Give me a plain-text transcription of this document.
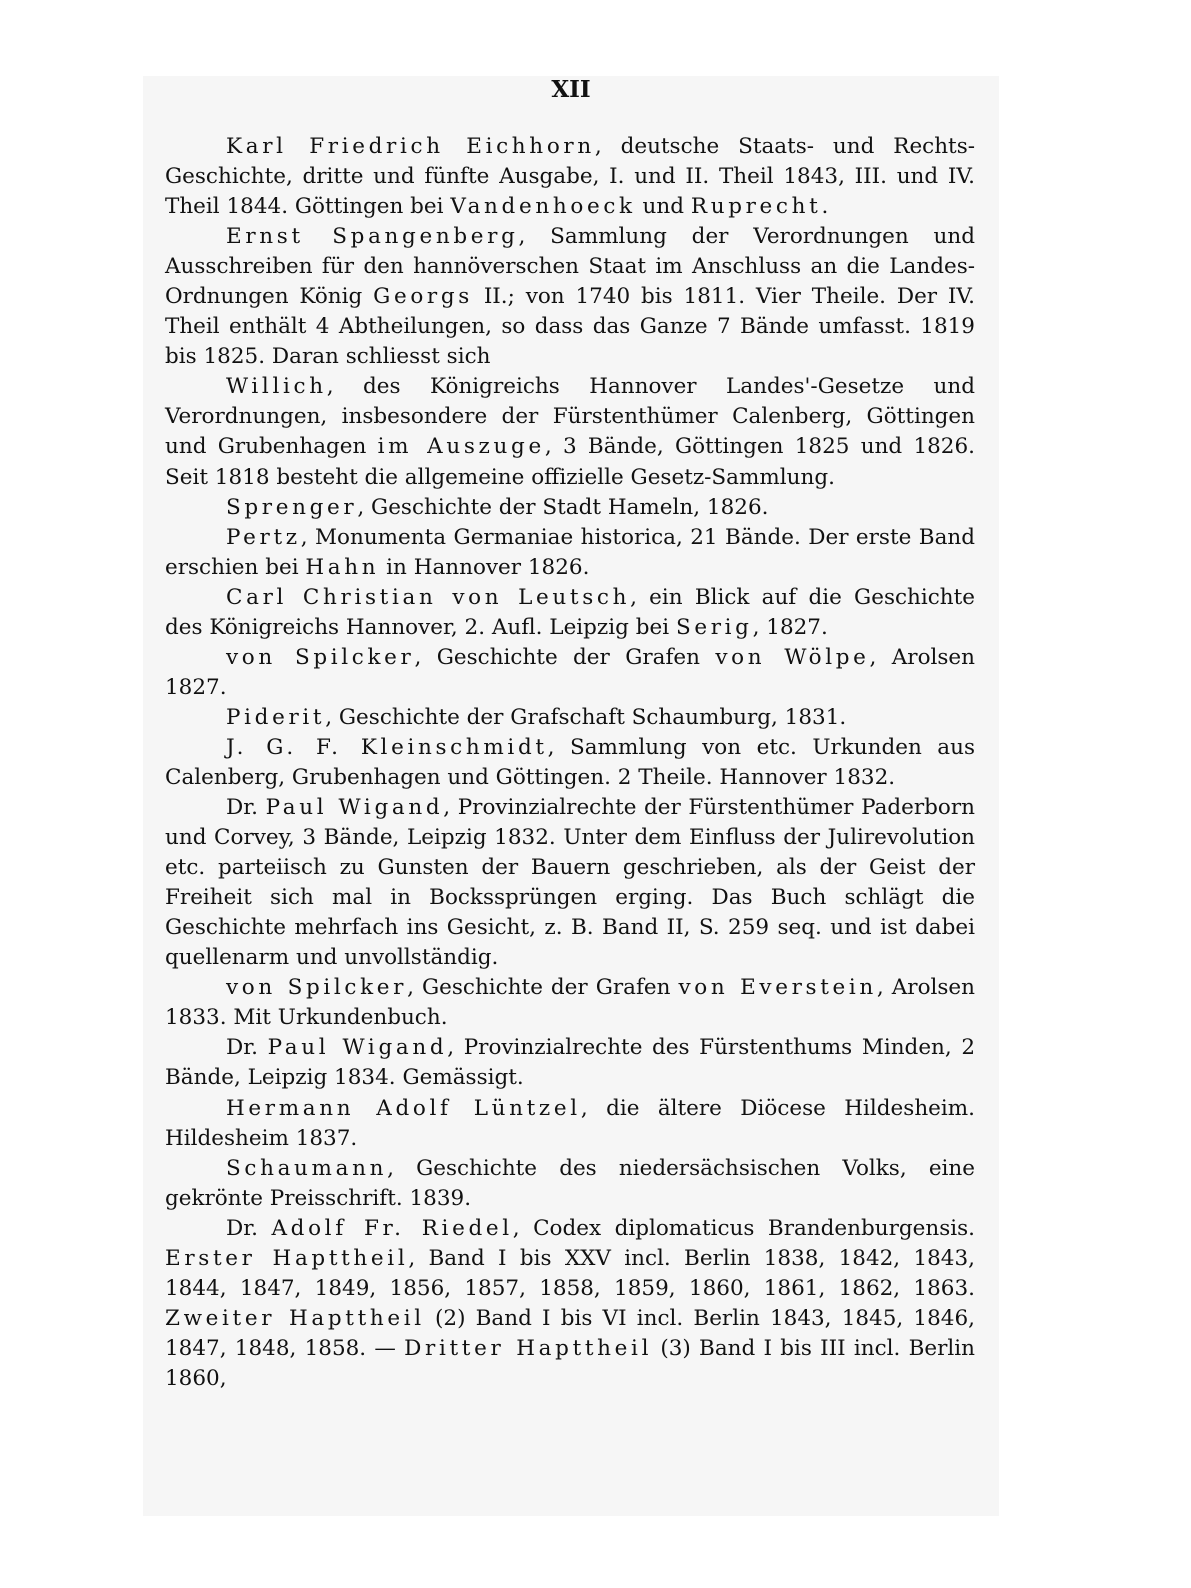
XII

Karl Friedrich Eichhorn, deutsche Staats- und Rechts-Geschichte, dritte und fünfte Ausgabe, I. und II. Theil 1843, III. und IV. Theil 1844. Göttingen bei Vandenhoeck und Ruprecht.

Ernst Spangenberg, Sammlung der Verordnungen und Ausschreiben für den hannöverschen Staat im Anschluss an die Landes-Ordnungen König Georgs II.; von 1740 bis 1811. Vier Theile. Der IV. Theil enthält 4 Abtheilungen, so dass das Ganze 7 Bände umfasst. 1819 bis 1825. Daran schliesst sich

Willich, des Königreichs Hannover Landes'-Gesetze und Verordnungen, insbesondere der Fürstenthümer Calenberg, Göttingen und Grubenhagen im Auszuge, 3 Bände, Göttingen 1825 und 1826. Seit 1818 besteht die allgemeine offizielle Gesetz-Sammlung.

Sprenger, Geschichte der Stadt Hameln, 1826.

Pertz, Monumenta Germaniae historica, 21 Bände. Der erste Band erschien bei Hahn in Hannover 1826.

Carl Christian von Leutsch, ein Blick auf die Geschichte des Königreichs Hannover, 2. Aufl. Leipzig bei Serig, 1827.

von Spilcker, Geschichte der Grafen von Wölpe, Arolsen 1827.

Piderit, Geschichte der Grafschaft Schaumburg, 1831.

J. G. F. Kleinschmidt, Sammlung von etc. Urkunden aus Calenberg, Grubenhagen und Göttingen. 2 Theile. Hannover 1832.

Dr. Paul Wigand, Provinzialrechte der Fürstenthümer Paderborn und Corvey, 3 Bände, Leipzig 1832. Unter dem Einfluss der Julirevolution etc. parteiisch zu Gunsten der Bauern geschrieben, als der Geist der Freiheit sich mal in Bockssprüngen erging. Das Buch schlägt die Geschichte mehrfach ins Gesicht, z. B. Band II, S. 259 seq. und ist dabei quellenarm und unvollständig.

von Spilcker, Geschichte der Grafen von Everstein, Arolsen 1833. Mit Urkundenbuch.

Dr. Paul Wigand, Provinzialrechte des Fürstenthums Minden, 2 Bände, Leipzig 1834. Gemässigt.

Hermann Adolf Lüntzel, die ältere Diöcese Hildesheim. Hildesheim 1837.

Schaumann, Geschichte des niedersächsischen Volks, eine gekrönte Preisschrift. 1839.

Dr. Adolf Fr. Riedel, Codex diplomaticus Brandenburgensis. Erster Hapttheil, Band I bis XXV incl. Berlin 1838, 1842, 1843, 1844, 1847, 1849, 1856, 1857, 1858, 1859, 1860, 1861, 1862, 1863. Zweiter Hapttheil (2) Band I bis VI incl. Berlin 1843, 1845, 1846, 1847, 1848, 1858. — Dritter Hapttheil (3) Band I bis III incl. Berlin 1860,
